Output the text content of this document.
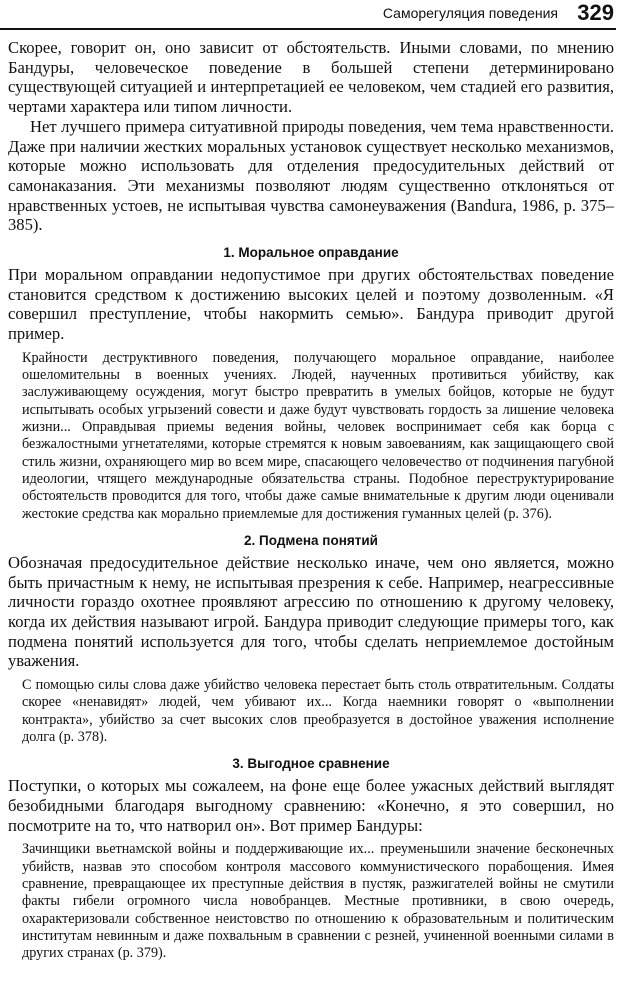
Саморегуляция поведения 329

Скорее, говорит он, оно зависит от обстоятельств. Иными словами, по мнению Бандуры, человеческое поведение в большей степени детерминировано существующей ситуацией и интерпретацией ее человеком, чем стадией его развития, чертами характера или типом личности.

Нет лучшего примера ситуативной природы поведения, чем тема нравственности. Даже при наличии жестких моральных установок существует несколько механизмов, которые можно использовать для отделения предосудительных действий от самонаказания. Эти механизмы позволяют людям существенно отклоняться от нравственных устоев, не испытывая чувства самонеуважения (Bandura, 1986, p. 375–385).

1. Моральное оправдание

При моральном оправдании недопустимое при других обстоятельствах поведение становится средством к достижению высоких целей и поэтому дозволенным. «Я совершил преступление, чтобы накормить семью». Бандура приводит другой пример.

Крайности деструктивного поведения, получающего моральное оправдание, наиболее ошеломительны в военных учениях. Людей, наученных противиться убийству, как заслуживающему осуждения, могут быстро превратить в умелых бойцов, которые не будут испытывать особых угрызений совести и даже будут чувствовать гордость за лишение человека жизни... Оправдывая приемы ведения войны, человек воспринимает себя как борца с безжалостными угнетателями, которые стремятся к новым завоеваниям, как защищающего свой стиль жизни, охраняющего мир во всем мире, спасающего человечество от подчинения пагубной идеологии, чтящего международные обязательства страны. Подобное переструктурирование обстоятельств проводится для того, чтобы даже самые внимательные к другим люди оценивали жестокие средства как морально приемлемые для достижения гуманных целей (р. 376).
2. Подмена понятий

Обозначая предосудительное действие несколько иначе, чем оно является, можно быть причастным к нему, не испытывая презрения к себе. Например, неагрессивные личности гораздо охотнее проявляют агрессию по отношению к другому человеку, когда их действия называют игрой. Бандура приводит следующие примеры того, как подмена понятий используется для того, чтобы сделать неприемлемое достойным уважения.

С помощью силы слова даже убийство человека перестает быть столь отвратительным. Солдаты скорее «ненавидят» людей, чем убивают их... Когда наемники говорят о «выполнении контракта», убийство за счет высоких слов преобразуется в достойное уважения исполнение долга (р. 378).
3. Выгодное сравнение

Поступки, о которых мы сожалеем, на фоне еще более ужасных действий выглядят безобидными благодаря выгодному сравнению: «Конечно, я это совершил, но посмотрите на то, что натворил он». Вот пример Бандуры:

Зачинщики вьетнамской войны и поддерживающие их... преуменьшили значение бесконечных убийств, назвав это способом контроля массового коммунистического порабощения. Имея сравнение, превращающее их преступные действия в пустяк, разжигателей войны не смутили факты гибели огромного числа новобранцев. Местные противники, в свою очередь, охарактеризовали собственное неистовство по отношению к образовательным и политическим институтам невинным и даже похвальным в сравнении с резней, учиненной военными силами в других странах (р. 379).
